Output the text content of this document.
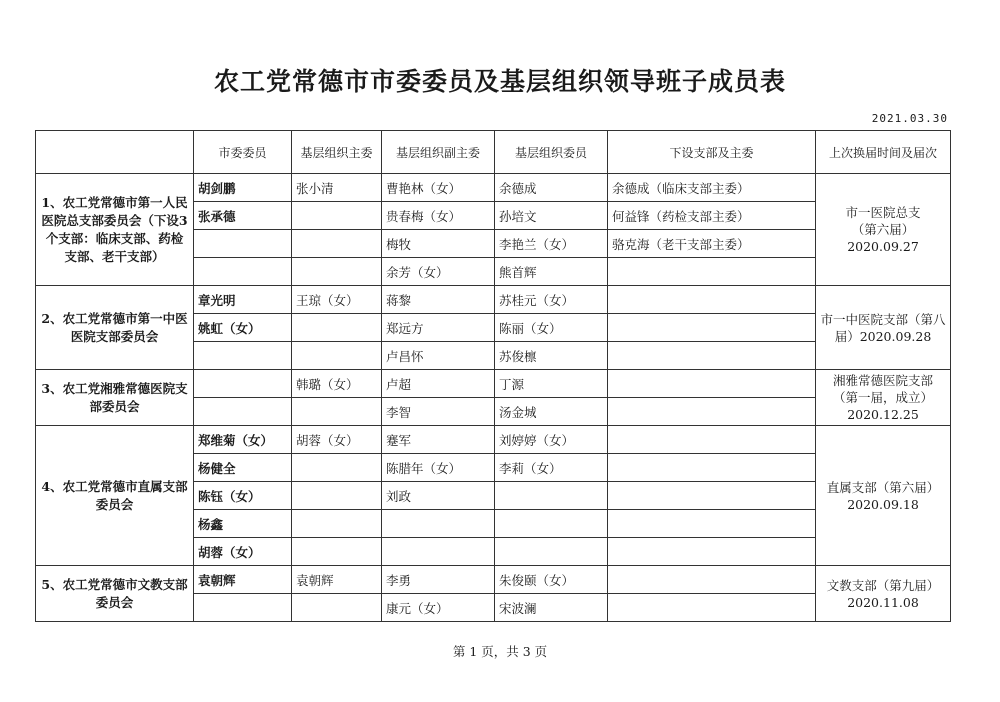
农工党常德市市委委员及基层组织领导班子成员表
2021.03.30
	市委委员	基层组织主委	基层组织副主委	基层组织委员	下设支部及主委	上次换届时间及届次
1、农工党常德市第一人民医院总支部委员会（下设3个支部：临床支部、药检支部、老干支部）	胡剑鹏	张小清	曹艳林（女）	余德成	余德成（临床支部主委）	市一医院总支
（第六届）
2020.09.27

	张承德		贵春梅（女）	孙培文	何益锋（药检支部主委）	
			梅牧	李艳兰（女）	骆克海（老干支部主委）	
			余芳（女）	熊首辉		
2、农工党常德市第一中医医院支部委员会	章光明	王琼（女）	蒋黎	苏桂元（女）		市一中医院支部（第八届）2020.09.28

	姚虹（女）		郑远方	陈丽（女）		
			卢昌怀	苏俊檩		
3、农工党湘雅常德医院支部委员会		韩璐（女）	卢超	丁源		湘雅常德医院支部
（第一届，成立）
2020.12.25

			李智	汤金城		
4、农工党常德市直属支部委员会	郑维菊（女）	胡蓉（女）	蹇军	刘婷婷（女）		直属支部（第六届）
2020.09.18

	杨健全		陈腊年（女）	李莉（女）		
	陈钰（女）		刘政			
	杨鑫					
	胡蓉（女）					
5、农工党常德市文教支部委员会	袁朝辉	袁朝辉	李勇	朱俊颐（女）		文教支部（第九届）
2020.11.08

			康元（女）	宋波澜		
第 1 页，共 3 页
